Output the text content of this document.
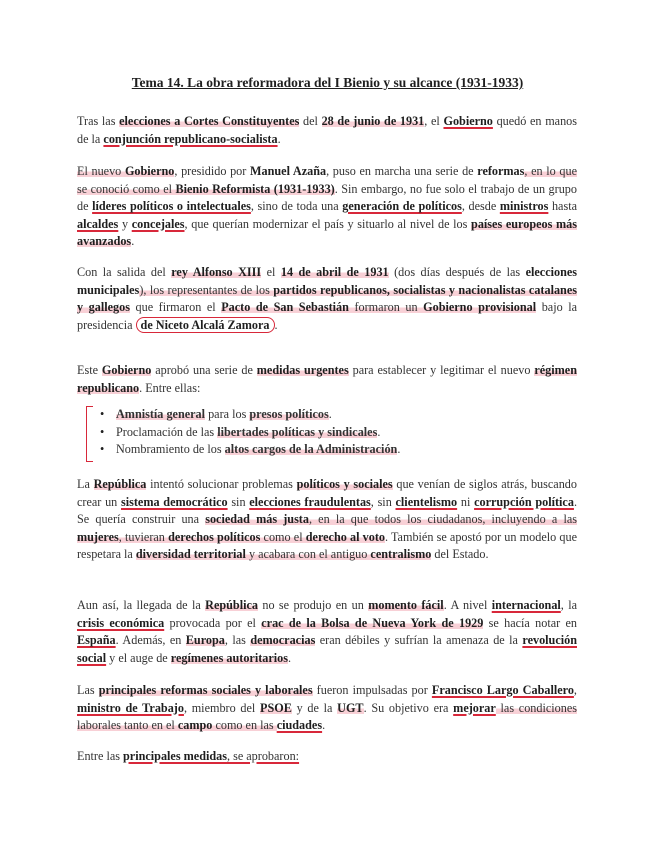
Tema 14. La obra reformadora del I Bienio y su alcance (1931-1933)

Tras las elecciones a Cortes Constituyentes del 28 de junio de 1931, el Gobierno quedó en manos de la conjunción republicano-socialista.

El nuevo Gobierno, presidido por Manuel Azaña, puso en marcha una serie de reformas, en lo que se conoció como el Bienio Reformista (1931-1933). Sin embargo, no fue solo el trabajo de un grupo de líderes políticos o intelectuales, sino de toda una generación de políticos, desde ministros hasta alcaldes y concejales, que querían modernizar el país y situarlo al nivel de los países europeos más avanzados.

Con la salida del rey Alfonso XIII el 14 de abril de 1931 (dos días después de las elecciones municipales), los representantes de los partidos republicanos, socialistas y nacionalistas catalanes y gallegos que firmaron el Pacto de San Sebastián formaron un Gobierno provisional bajo la presidencia de Niceto Alcalá Zamora .

Este Gobierno aprobó una serie de medidas urgentes para establecer y legitimar el nuevo régimen republicano. Entre ellas:

• Amnistía general para los presos políticos.
• Proclamación de las libertades políticas y sindicales.
• Nombramiento de los altos cargos de la Administración.

La República intentó solucionar problemas políticos y sociales que venían de siglos atrás, buscando crear un sistema democrático sin elecciones fraudulentas, sin clientelismo ni corrupción política. Se quería construir una sociedad más justa, en la que todos los ciudadanos, incluyendo a las mujeres, tuvieran derechos políticos como el derecho al voto. También se apostó por un modelo que respetara la diversidad territorial y acabara con el antiguo centralismo del Estado.

Aun así, la llegada de la República no se produjo en un momento fácil. A nivel internacional, la crisis económica provocada por el crac de la Bolsa de Nueva York de 1929 se hacía notar en España. Además, en Europa, las democracias eran débiles y sufrían la amenaza de la revolución social y el auge de regímenes autoritarios.

Las principales reformas sociales y laborales fueron impulsadas por Francisco Largo Caballero, ministro de Trabajo, miembro del PSOE y de la UGT. Su objetivo era mejorar las condiciones laborales tanto en el campo como en las ciudades.

Entre las principales medidas, se aprobaron:
